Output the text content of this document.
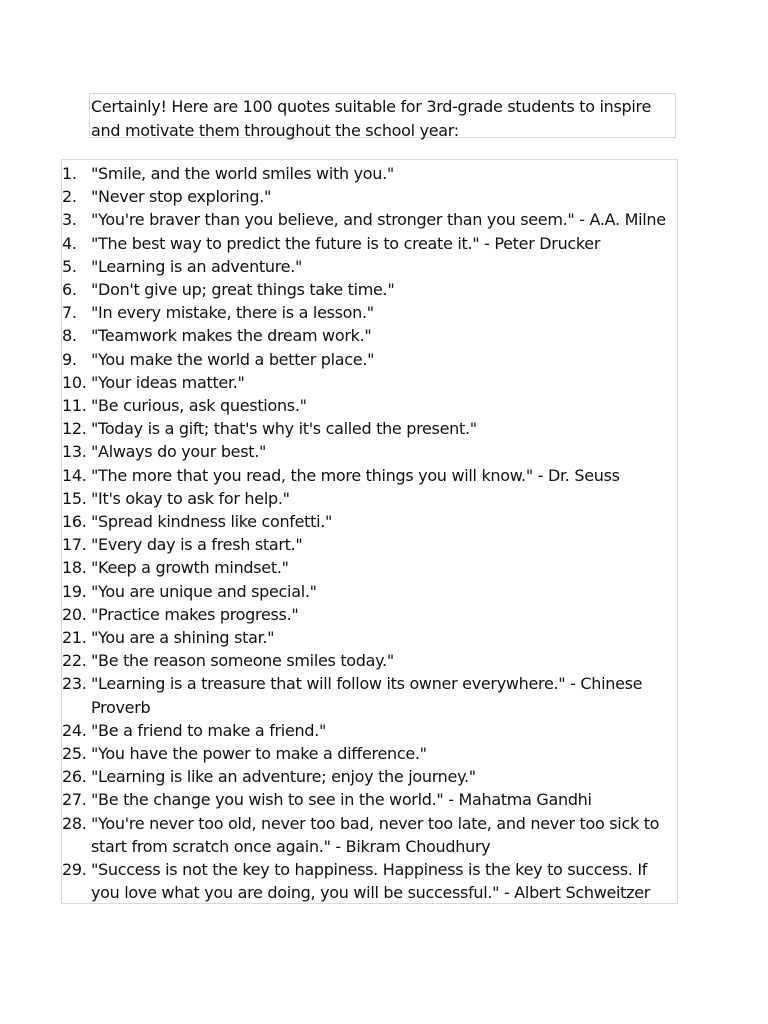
Certainly! Here are 100 quotes suitable for 3rd-grade students to inspire and motivate them throughout the school year:
1. "Smile, and the world smiles with you."
2. "Never stop exploring."
3. "You're braver than you believe, and stronger than you seem." - A.A. Milne
4. "The best way to predict the future is to create it." - Peter Drucker
5. "Learning is an adventure."
6. "Don't give up; great things take time."
7. "In every mistake, there is a lesson."
8. "Teamwork makes the dream work."
9. "You make the world a better place."
10. "Your ideas matter."
11. "Be curious, ask questions."
12. "Today is a gift; that's why it's called the present."
13. "Always do your best."
14. "The more that you read, the more things you will know." - Dr. Seuss
15. "It's okay to ask for help."
16. "Spread kindness like confetti."
17. "Every day is a fresh start."
18. "Keep a growth mindset."
19. "You are unique and special."
20. "Practice makes progress."
21. "You are a shining star."
22. "Be the reason someone smiles today."
23. "Learning is a treasure that will follow its owner everywhere." - Chinese Proverb
24. "Be a friend to make a friend."
25. "You have the power to make a difference."
26. "Learning is like an adventure; enjoy the journey."
27. "Be the change you wish to see in the world." - Mahatma Gandhi
28. "You're never too old, never too bad, never too late, and never too sick to start from scratch once again." - Bikram Choudhury
29. "Success is not the key to happiness. Happiness is the key to success. If you love what you are doing, you will be successful." - Albert Schweitzer
